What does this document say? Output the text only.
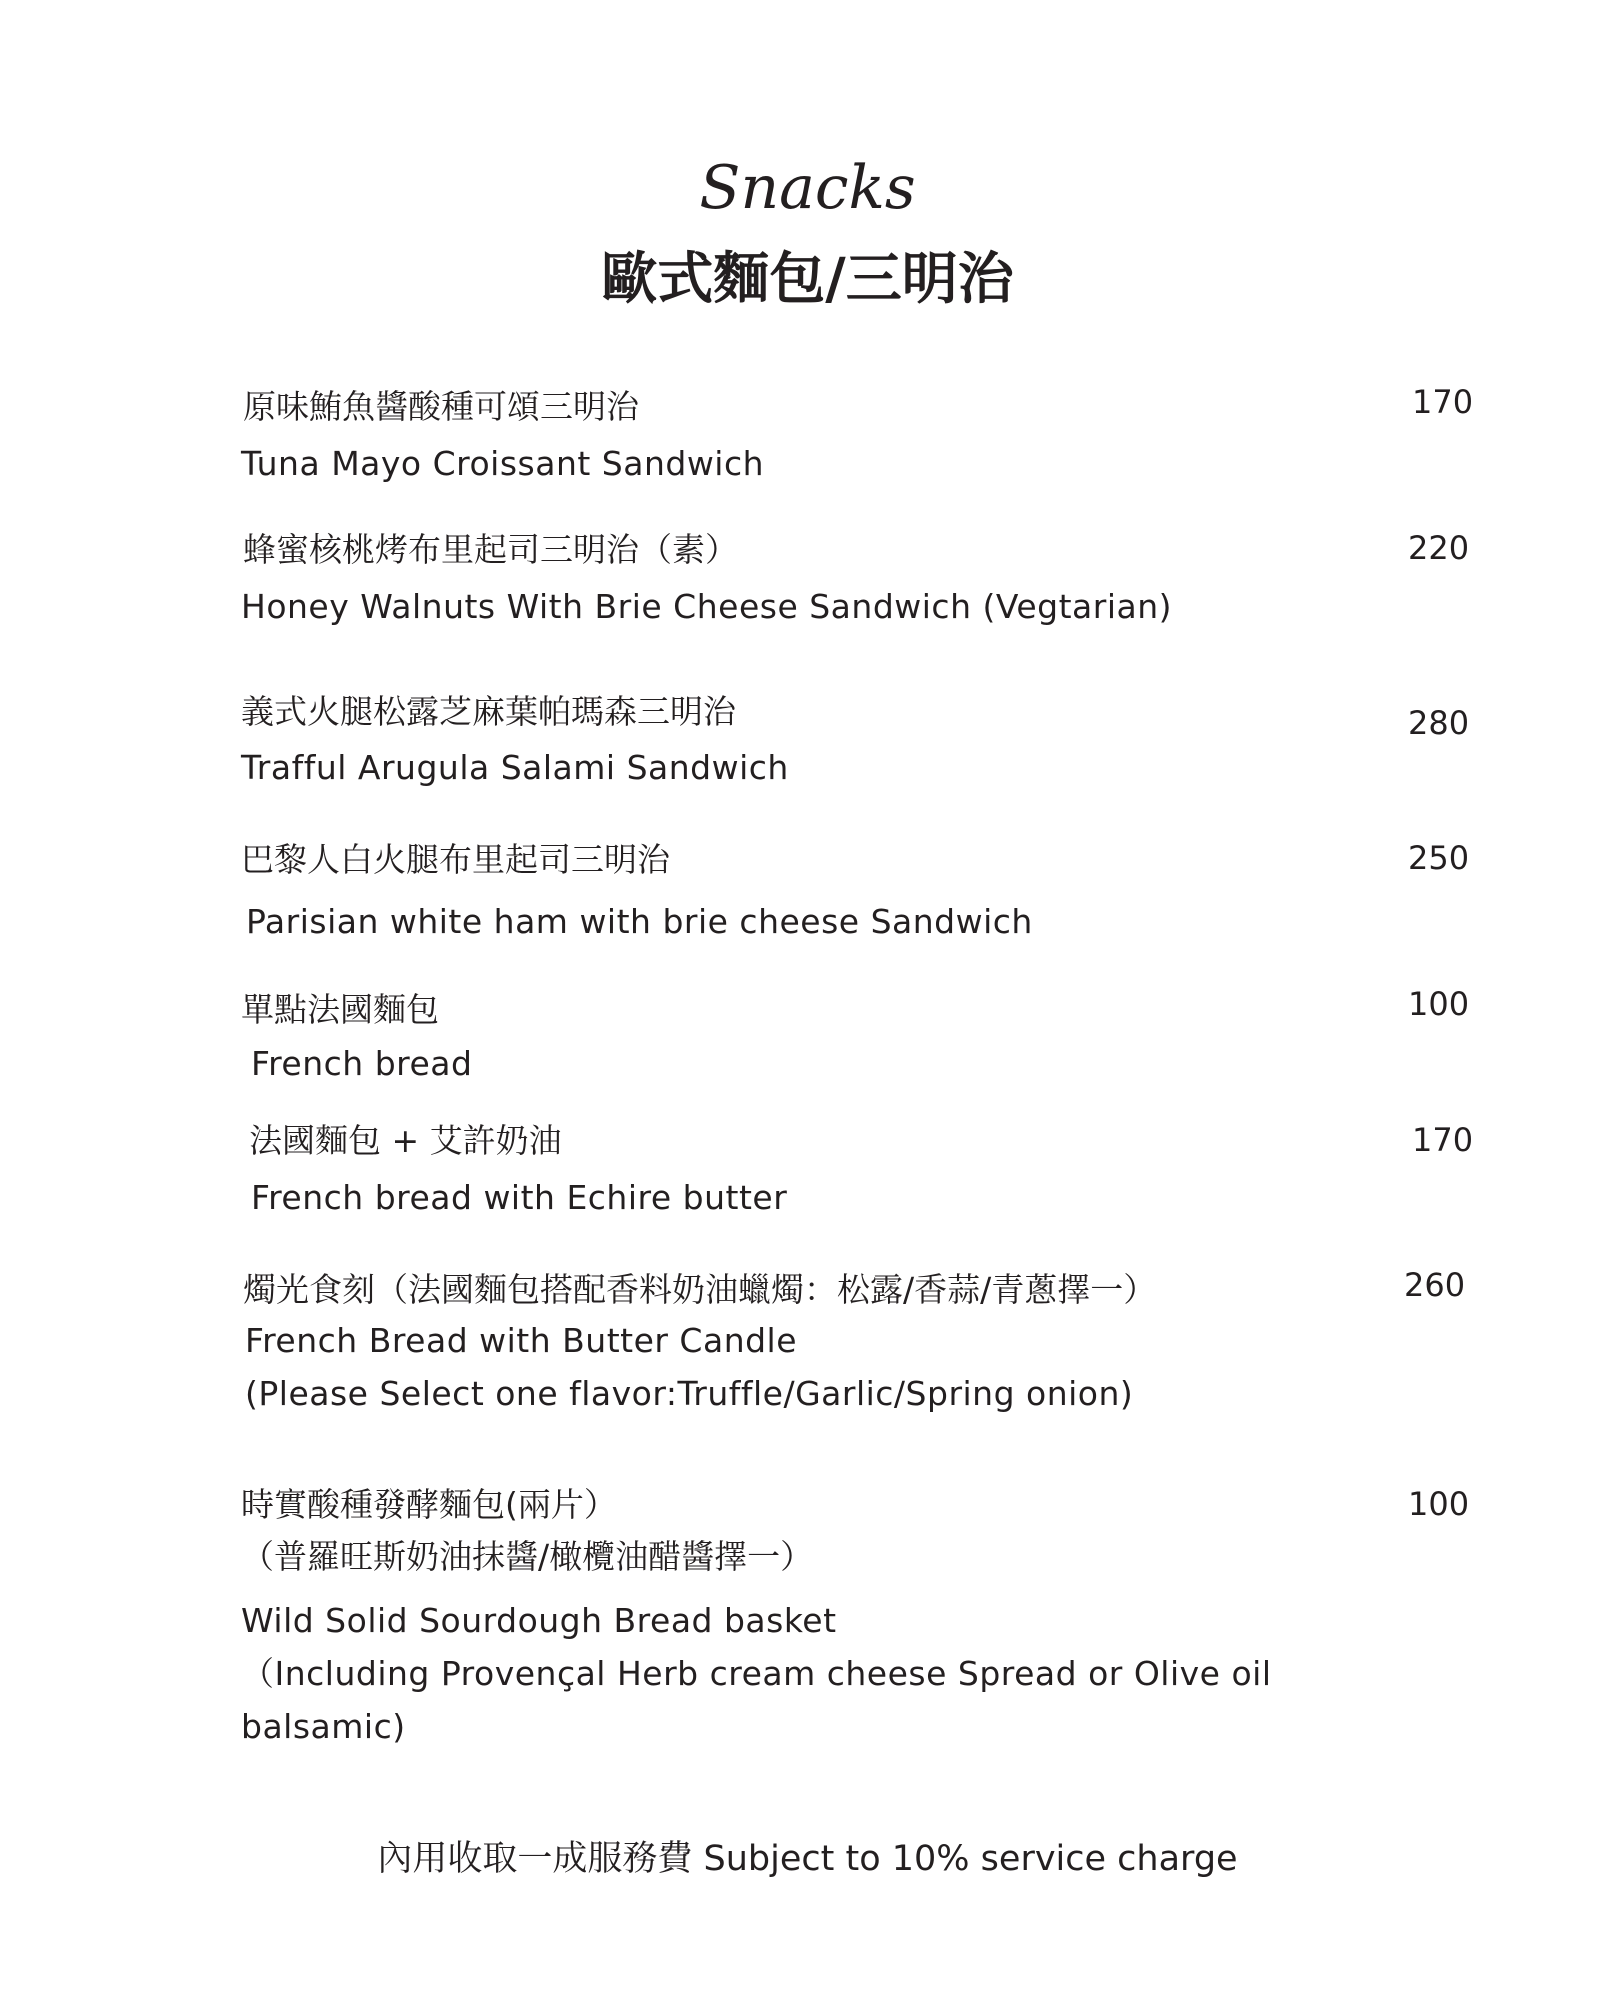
Snacks
歐式麵包/三明治
原味鮪魚醬酸種可頌三明治
Tuna Mayo Croissant Sandwich
170
蜂蜜核桃烤布里起司三明治（素）
Honey Walnuts With Brie Cheese Sandwich (Vegtarian)
220
義式火腿松露芝麻葉帕瑪森三明治
Trafful Arugula Salami Sandwich
280
巴黎人白火腿布里起司三明治
Parisian white ham with brie cheese Sandwich
250
單點法國麵包
French bread
100
法國麵包 + 艾許奶油
French bread with Echire butter
170
燭光食刻（法國麵包搭配香料奶油蠟燭：松露/香蒜/青蔥擇一）
French Bread with Butter Candle
(Please Select one flavor:Truffle/Garlic/Spring onion)
260
時實酸種發酵麵包(兩片）
（普羅旺斯奶油抹醬/橄欖油醋醬擇一）
Wild Solid Sourdough Bread basket
（Including Provençal Herb cream cheese Spread or Olive oil
balsamic)
100
內用收取一成服務費 Subject to 10% service charge
